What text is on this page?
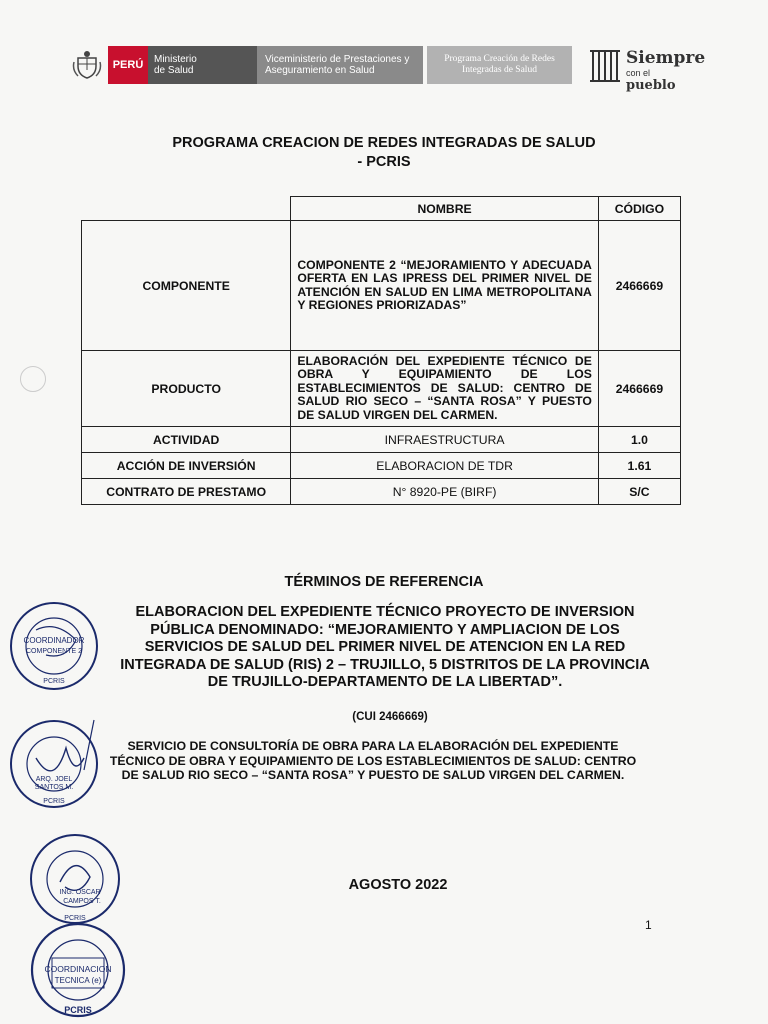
PERÚ Ministerio
de Salud
Viceministerio de Prestaciones y
Aseguramiento en Salud
Programa Creación de Redes
Integradas de Salud
Siempre
con el pueblo
PROGRAMA CREACION DE REDES INTEGRADAS DE SALUD
- PCRIS
	NOMBRE	CÓDIGO
COMPONENTE	COMPONENTE 2 “MEJORAMIENTO Y ADECUADA OFERTA EN LAS IPRESS DEL PRIMER NIVEL DE ATENCIÓN EN SALUD EN LIMA METROPOLITANA Y REGIONES PRIORIZADAS”	2466669
PRODUCTO	ELABORACIÓN DEL EXPEDIENTE TÉCNICO DE OBRA Y EQUIPAMIENTO DE LOS ESTABLECIMIENTOS DE SALUD: CENTRO DE SALUD RIO SECO – “SANTA ROSA” Y PUESTO DE SALUD VIRGEN DEL CARMEN.	2466669
ACTIVIDAD	INFRAESTRUCTURA	1.0
ACCIÓN DE INVERSIÓN	ELABORACION DE TDR	1.61
CONTRATO DE PRESTAMO	N° 8920-PE (BIRF)	S/C
TÉRMINOS DE REFERENCIA
ELABORACION DEL EXPEDIENTE TÉCNICO PROYECTO DE INVERSION PÚBLICA DENOMINADO: “MEJORAMIENTO Y AMPLIACION DE LOS SERVICIOS DE SALUD DEL PRIMER NIVEL DE ATENCION EN LA RED INTEGRADA DE SALUD (RIS) 2 – TRUJILLO, 5 DISTRITOS DE LA PROVINCIA DE TRUJILLO-DEPARTAMENTO DE LA LIBERTAD”.
(CUI 2466669)
SERVICIO DE CONSULTORÍA DE OBRA PARA LA ELABORACIÓN DEL EXPEDIENTE TÉCNICO DE OBRA Y EQUIPAMIENTO DE LOS ESTABLECIMIENTOS DE SALUD: CENTRO DE SALUD RIO SECO – “SANTA ROSA” Y PUESTO DE SALUD VIRGEN DEL CARMEN.
AGOSTO 2022
1
COORDINADOR
COMPONENTE 2
PCRIS
ARQ. JOEL
SANTOS M.
PCRIS
ING. OSCAR
CAMPOS T.
PCRIS
COORDINACION
TECNICA (e)
PCRIS
